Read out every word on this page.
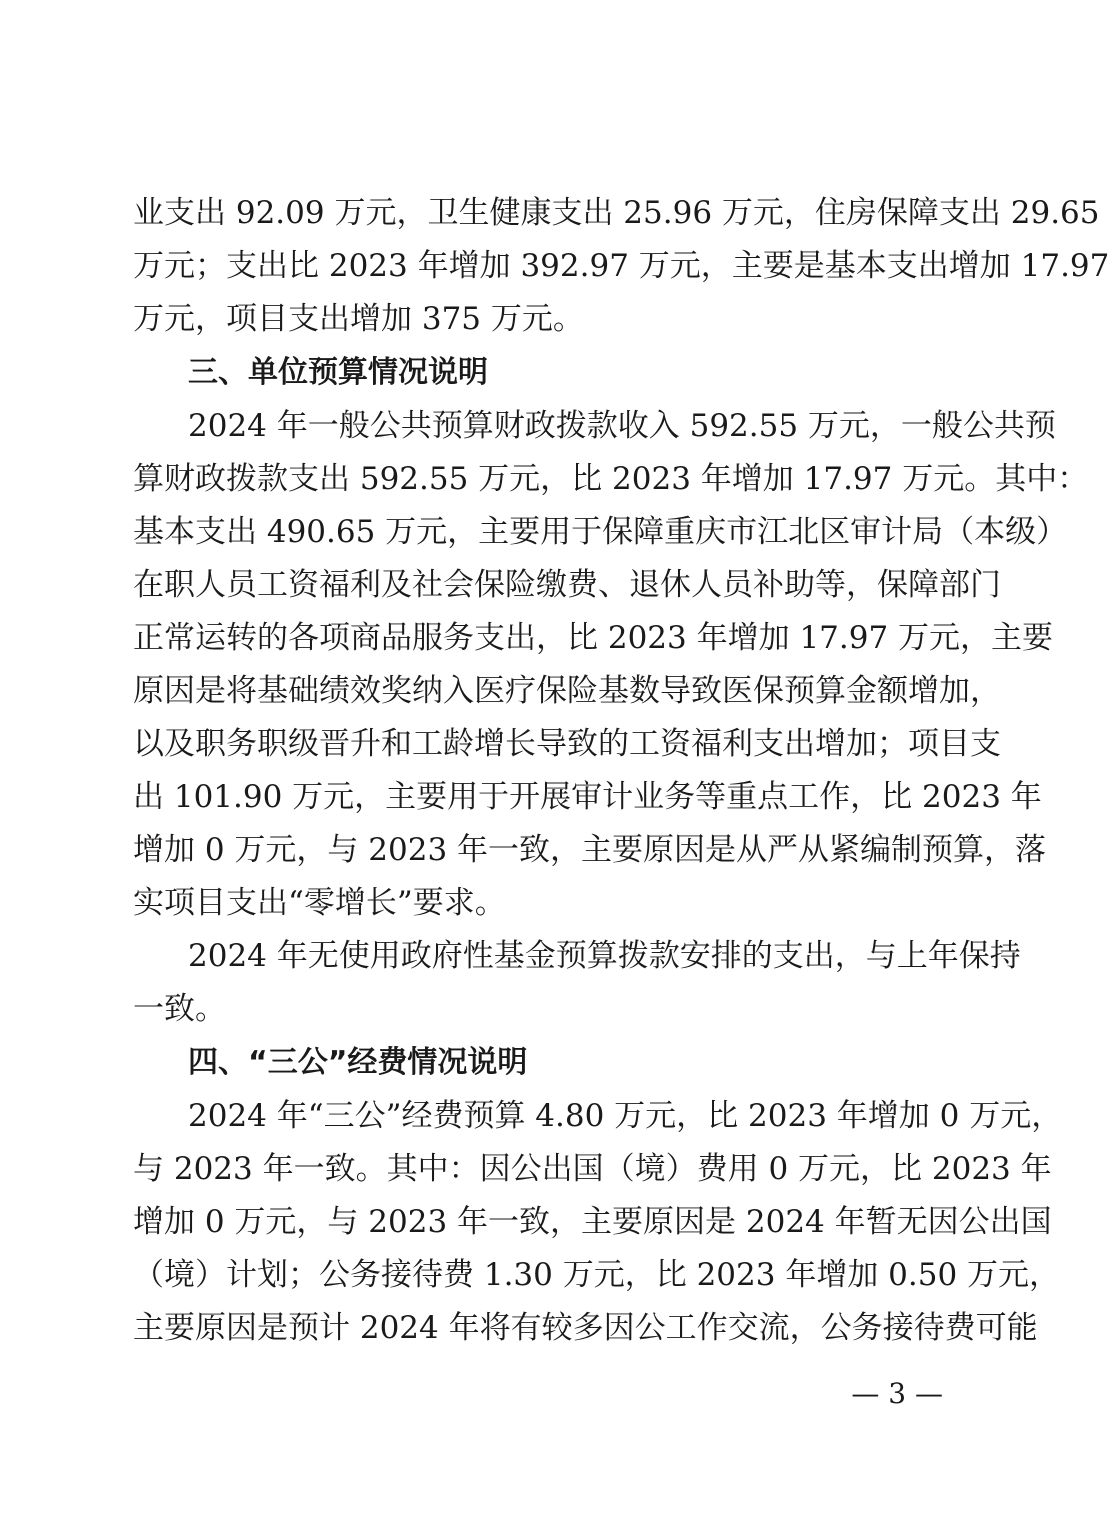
业支出 92.09 万元，卫生健康支出 25.96 万元，住房保障支出 29.65
万元；支出比 2023 年增加 392.97 万元，主要是基本支出增加 17.97
万元，项目支出增加 375 万元。
三、单位预算情况说明
2024 年一般公共预算财政拨款收入 592.55 万元，一般公共预
算财政拨款支出 592.55 万元，比 2023 年增加 17.97 万元。其中：
基本支出 490.65 万元，主要用于保障重庆市江北区审计局（本级）
在职人员工资福利及社会保险缴费、退休人员补助等，保障部门
正常运转的各项商品服务支出，比 2023 年增加 17.97 万元，主要
原因是将基础绩效奖纳入医疗保险基数导致医保预算金额增加，
以及职务职级晋升和工龄增长导致的工资福利支出增加；项目支
出 101.90 万元，主要用于开展审计业务等重点工作，比 2023 年
增加 0 万元，与 2023 年一致，主要原因是从严从紧编制预算，落
实项目支出“零增长”要求。
2024 年无使用政府性基金预算拨款安排的支出，与上年保持
一致。
四、“三公”经费情况说明
2024 年“三公”经费预算 4.80 万元，比 2023 年增加 0 万元，
与 2023 年一致。其中：因公出国（境）费用 0 万元，比 2023 年
增加 0 万元，与 2023 年一致，主要原因是 2024 年暂无因公出国
（境）计划；公务接待费 1.30 万元，比 2023 年增加 0.50 万元，
主要原因是预计 2024 年将有较多因公工作交流，公务接待费可能
— 3 —
